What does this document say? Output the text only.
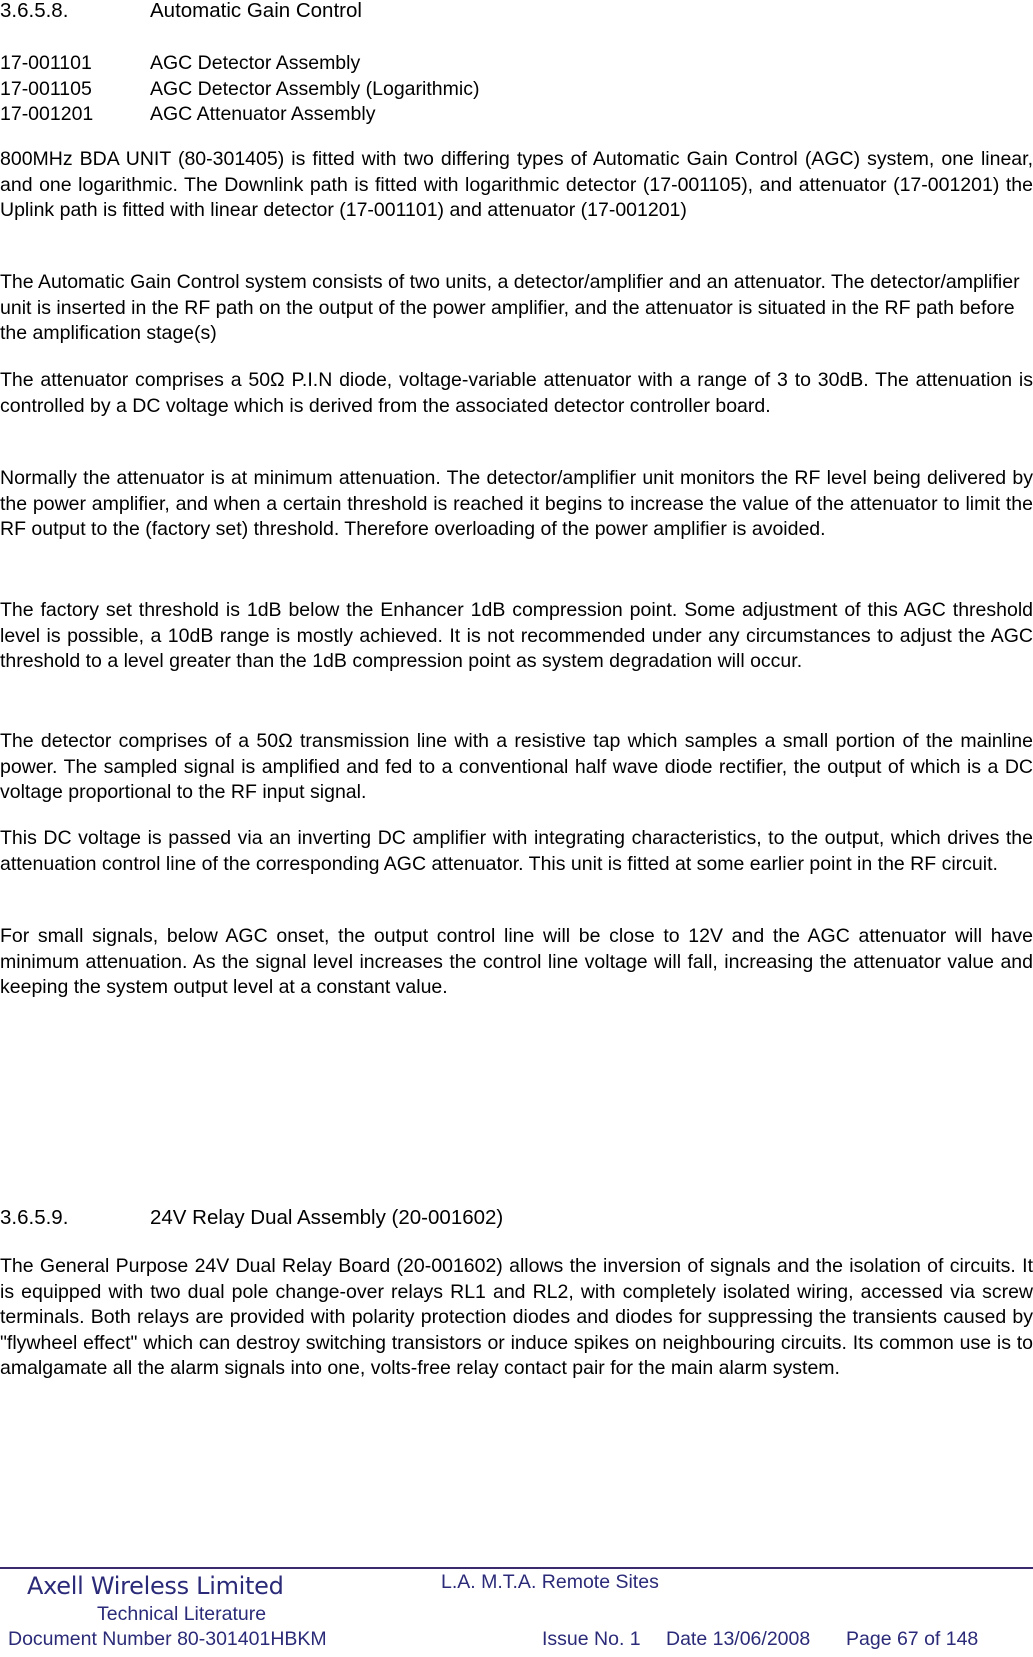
3.6.5.8.	Automatic Gain Control
17-001101	AGC Detector Assembly
17-001105	AGC Detector Assembly (Logarithmic)
17-001201	AGC Attenuator Assembly

800MHz BDA UNIT (80-301405) is fitted with two differing types of Automatic Gain Control (AGC) system, one linear, and one logarithmic. The Downlink path is fitted with logarithmic detector (17-001105), and attenuator (17-001201) the Uplink path is fitted with linear detector (17-001101) and attenuator (17-001201)

The Automatic Gain Control system consists of two units, a detector/amplifier and an attenuator. The detector/amplifier unit is inserted in the RF path on the output of the power amplifier, and the attenuator is situated in the RF path before the amplification stage(s)

The attenuator comprises a 50Ω P.I.N diode, voltage-variable attenuator with a range of 3 to 30dB. The attenuation is controlled by a DC voltage which is derived from the associated detector controller board.

Normally the attenuator is at minimum attenuation. The detector/amplifier unit monitors the RF level being delivered by the power amplifier, and when a certain threshold is reached it begins to increase the value of the attenuator to limit the RF output to the (factory set) threshold. Therefore overloading of the power amplifier is avoided.

The factory set threshold is 1dB below the Enhancer 1dB compression point. Some adjustment of this AGC threshold level is possible, a 10dB range is mostly achieved. It is not recommended under any circumstances to adjust the AGC threshold to a level greater than the 1dB compression point as system degradation will occur.

The detector comprises of a 50Ω transmission line with a resistive tap which samples a small portion of the mainline power. The sampled signal is amplified and fed to a conventional half wave diode rectifier, the output of which is a DC voltage proportional to the RF input signal.

This DC voltage is passed via an inverting DC amplifier with integrating characteristics, to the output, which drives the attenuation control line of the corresponding AGC attenuator. This unit is fitted at some earlier point in the RF circuit.

For small signals, below AGC onset, the output control line will be close to 12V and the AGC attenuator will have minimum attenuation. As the signal level increases the control line voltage will fall, increasing the attenuator value and keeping the system output level at a constant value.

3.6.5.9.	24V Relay Dual Assembly (20-001602)

The General Purpose 24V Dual Relay Board (20-001602) allows the inversion of signals and the isolation of circuits. It is equipped with two dual pole change-over relays RL1 and RL2, with completely isolated wiring, accessed via screw terminals. Both relays are provided with polarity protection diodes and diodes for suppressing the transients caused by "flywheel effect" which can destroy switching transistors or induce spikes on neighbouring circuits. Its common use is to amalgamate all the alarm signals into one, volts-free relay contact pair for the main alarm system.

Axell Wireless Limited	L.A. M.T.A. Remote Sites
Technical Literature
Document Number 80-301401HBKM	Issue No. 1 Date 13/06/2008 Page 67 of 148
